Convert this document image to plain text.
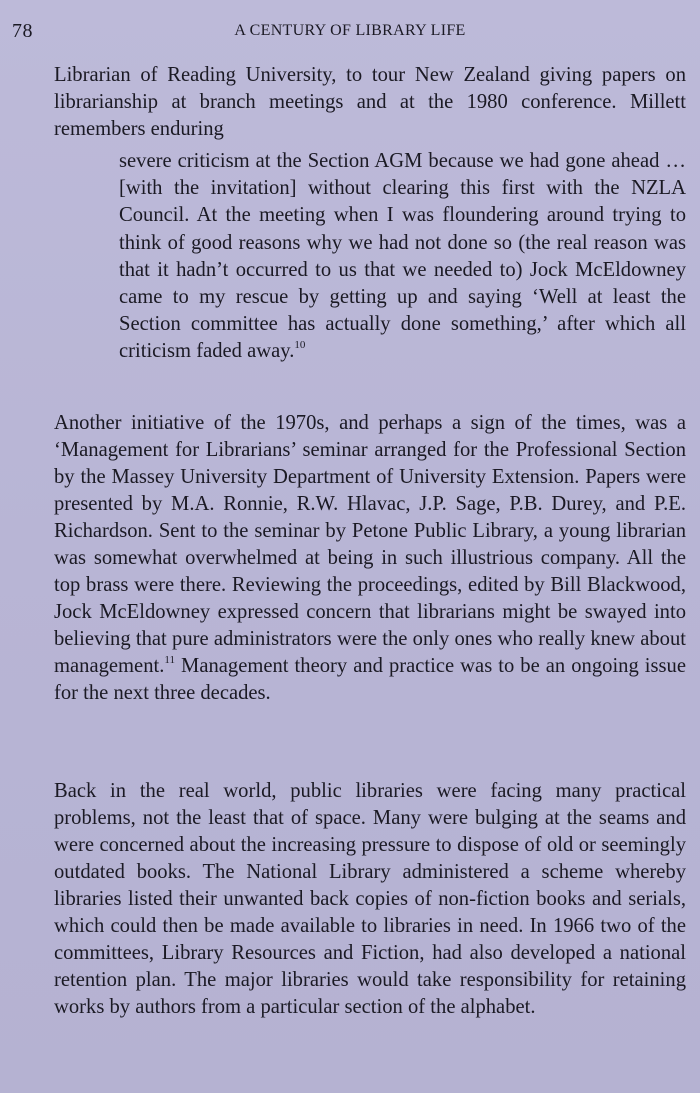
78	A CENTURY OF LIBRARY LIFE

Librarian of Reading University, to tour New Zealand giving papers on librarianship at branch meetings and at the 1980 conference. Millett remembers enduring

severe criticism at the Section AGM because we had gone ahead …[with the invitation] without clearing this first with the NZLA Council. At the meeting when I was floundering around trying to think of good reasons why we had not done so (the real reason was that it hadn’t occurred to us that we needed to) Jock McEldowney came to my rescue by getting up and saying ‘Well at least the Section committee has actually done something,’ after which all criticism faded away.$^{10}$

Another initiative of the 1970s, and perhaps a sign of the times, was a ‘Management for Librarians’ seminar arranged for the Professional Section by the Massey University Department of University Extension. Papers were presented by M.A. Ronnie, R.W. Hlavac, J.P. Sage, P.B. Durey, and P.E. Richardson. Sent to the seminar by Petone Public Library, a young librarian was somewhat overwhelmed at being in such illustrious company. All the top brass were there. Reviewing the proceedings, edited by Bill Blackwood, Jock McEldowney expressed concern that librarians might be swayed into believing that pure administrators were the only ones who really knew about management.$^{11}$ Management theory and practice was to be an ongoing issue for the next three decades.

Back in the real world, public libraries were facing many practical problems, not the least that of space. Many were bulging at the seams and were concerned about the increasing pressure to dispose of old or seemingly outdated books. The National Library administered a scheme whereby libraries listed their unwanted back copies of non-fiction books and serials, which could then be made available to libraries in need. In 1966 two of the committees, Library Resources and Fiction, had also developed a national retention plan. The major libraries would take responsibility for retaining works by authors from a particular section of the alphabet.
